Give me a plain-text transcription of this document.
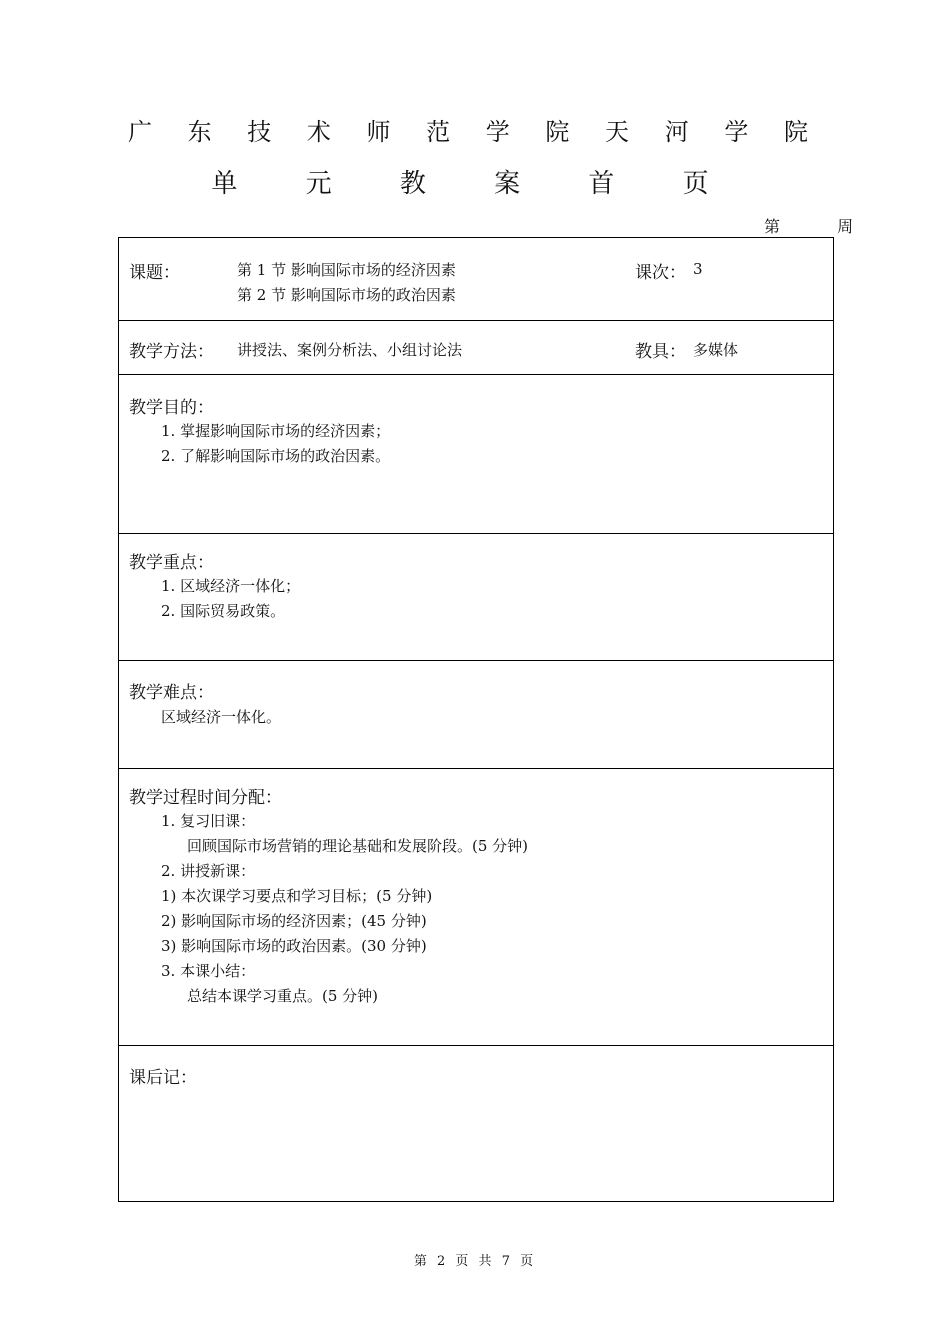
广 东 技 术 师 范 学 院 天 河 学 院
单 元 教 案 首 页
第 周
课题：	第 1 节 影响国际市场的经济因素
第 2 节 影响国际市场的政治因素
课次： 3
教学方法： 讲授法、案例分析法、小组讨论法	教具： 多媒体
教学目的：
1. 掌握影响国际市场的经济因素；
2. 了解影响国际市场的政治因素。
教学重点：
1. 区域经济一体化；
2. 国际贸易政策。
教学难点：
区域经济一体化。
教学过程时间分配：
1. 复习旧课：
回顾国际市场营销的理论基础和发展阶段。(5 分钟)
2. 讲授新课：
1) 本次课学习要点和学习目标；(5 分钟)
2) 影响国际市场的经济因素；(45 分钟)
3) 影响国际市场的政治因素。(30 分钟)
3. 本课小结：
总结本课学习重点。(5 分钟)
课后记：
第 2 页 共 7 页
